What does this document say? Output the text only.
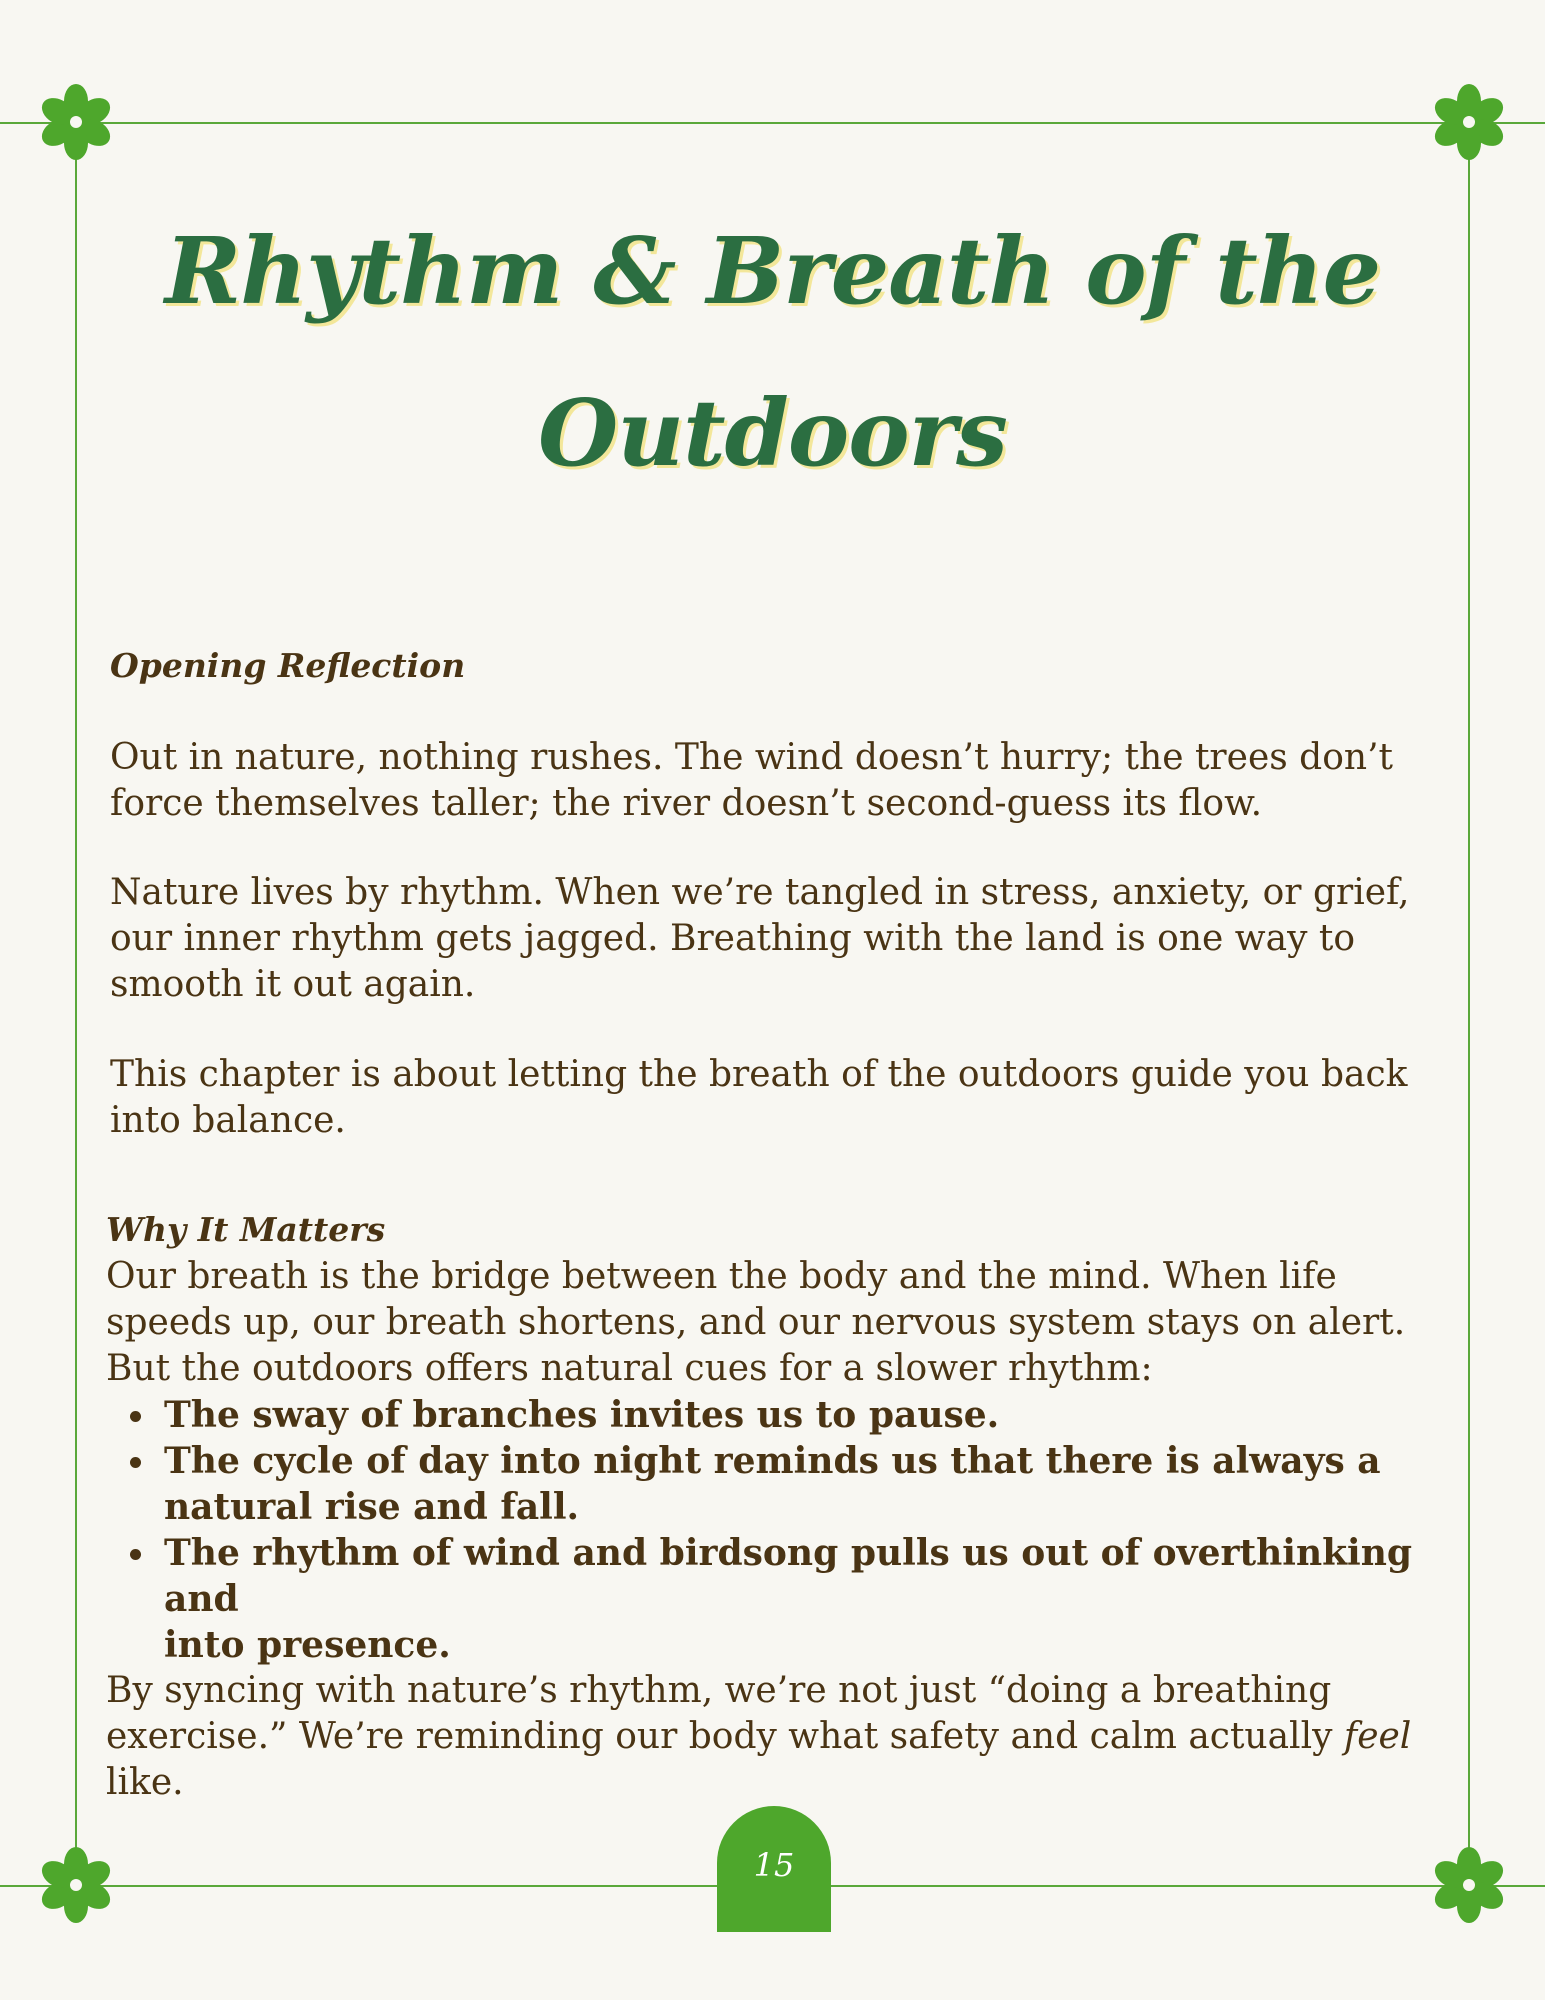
Rhythm & Breath of the
Outdoors

Opening Reflection

Out in nature, nothing rushes. The wind doesn’t hurry; the trees don’t
force themselves taller; the river doesn’t second-guess its flow.

Nature lives by rhythm. When we’re tangled in stress, anxiety, or grief,
our inner rhythm gets jagged. Breathing with the land is one way to
smooth it out again.

This chapter is about letting the breath of the outdoors guide you back
into balance.

Why It Matters

Our breath is the bridge between the body and the mind. When life
speeds up, our breath shortens, and our nervous system stays on alert.
But the outdoors offers natural cues for a slower rhythm:

The sway of branches invites us to pause.
The cycle of day into night reminds us that there is always a
natural rise and fall.
The rhythm of wind and birdsong pulls us out of overthinking and
into presence.

By syncing with nature’s rhythm, we’re not just “doing a breathing
exercise.” We’re reminding our body what safety and calm actually feel
like.

15
